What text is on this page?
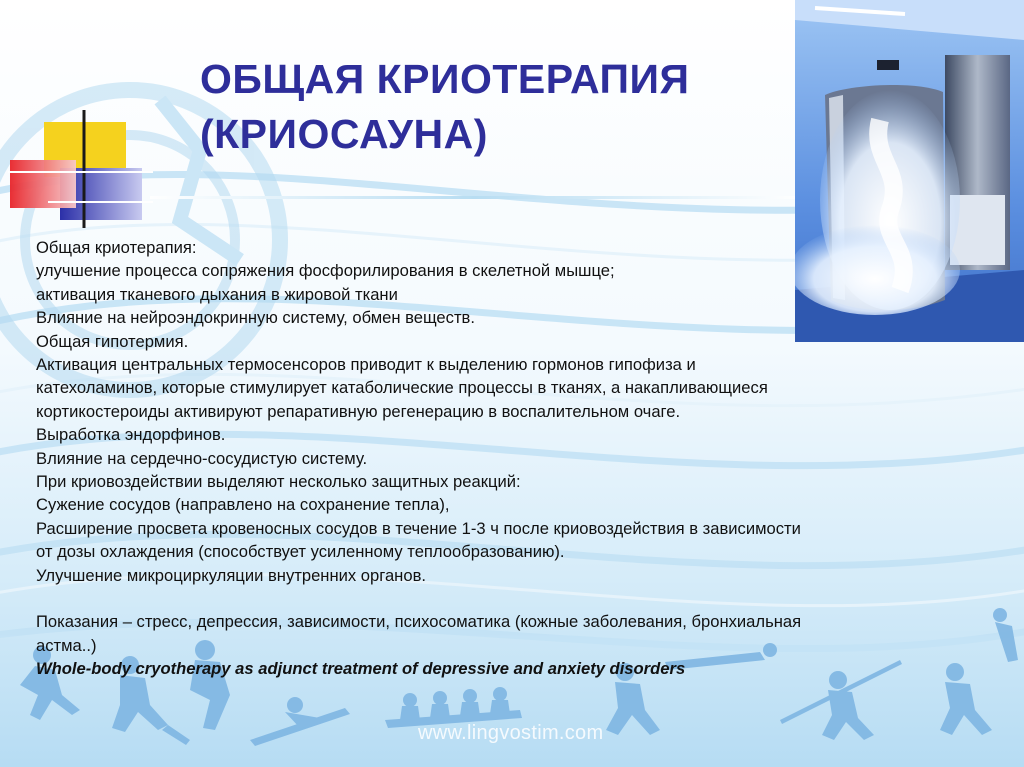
ОБЩАЯ КРИОТЕРАПИЯ
(КРИОСАУНА)

Общая криотерапия:

улучшение процесса сопряжения фосфорилирования в скелетной мышце;

активация тканевого дыхания в жировой ткани

Влияние на нейроэндокринную систему, обмен веществ.

Общая гипотермия.

Активация центральных термосенсоров приводит к выделению гормонов гипофиза и

катехоламинов, которые стимулирует катаболические процессы в тканях, а накапливающиеся

кортикостероиды активируют репаративную регенерацию в воспалительном очаге.

Выработка эндорфинов.

Влияние на сердечно-сосудистую систему.

При криовоздействии выделяют несколько защитных реакций:

Сужение сосудов (направлено на сохранение тепла),

Расширение просвета кровеносных сосудов в течение 1-3 ч после криовоздействия в зависимости

от дозы охлаждения (способствует усиленному теплообразованию).

Улучшение микроциркуляции внутренних органов.

Показания – стресс, депрессия, зависимости, психосоматика (кожные заболевания, бронхиальная

астма..)

Whole-body cryotherapy as adjunct treatment of depressive and anxiety disorders

www.lingvostim.com
